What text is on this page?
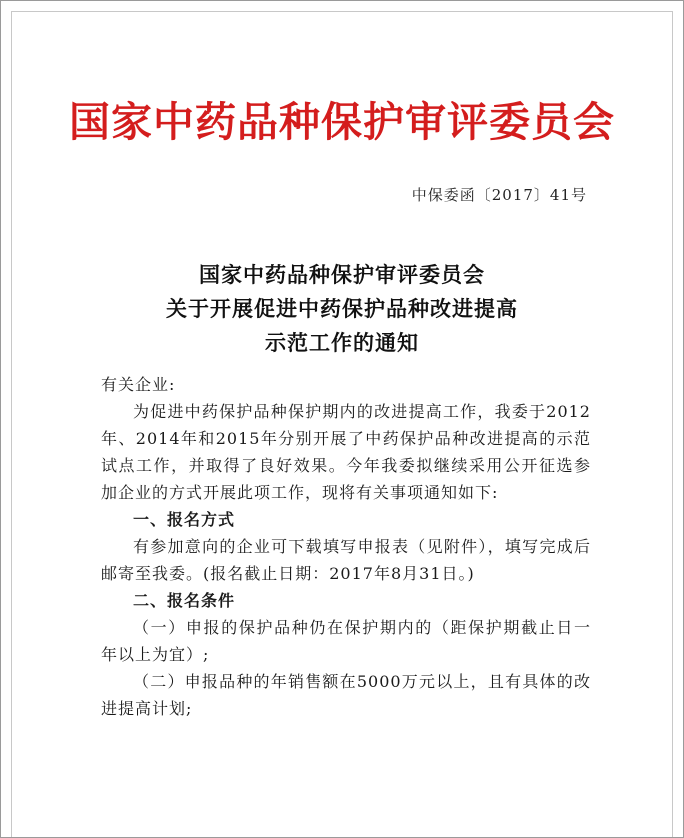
国家中药品种保护审评委员会
中保委函〔2017〕41号
国家中药品种保护审评委员会
关于开展促进中药保护品种改进提高
示范工作的通知

有关企业:

为促进中药保护品种保护期内的改进提高工作，我委于2012年、2014年和2015年分别开展了中药保护品种改进提高的示范试点工作，并取得了良好效果。今年我委拟继续采用公开征选参加企业的方式开展此项工作，现将有关事项通知如下:

一、报名方式

有参加意向的企业可下载填写申报表（见附件），填写完成后邮寄至我委。(报名截止日期：2017年8月31日。)

二、报名条件

（一）申报的保护品种仍在保护期内的（距保护期截止日一年以上为宜）;

（二）申报品种的年销售额在5000万元以上，且有具体的改进提高计划;
